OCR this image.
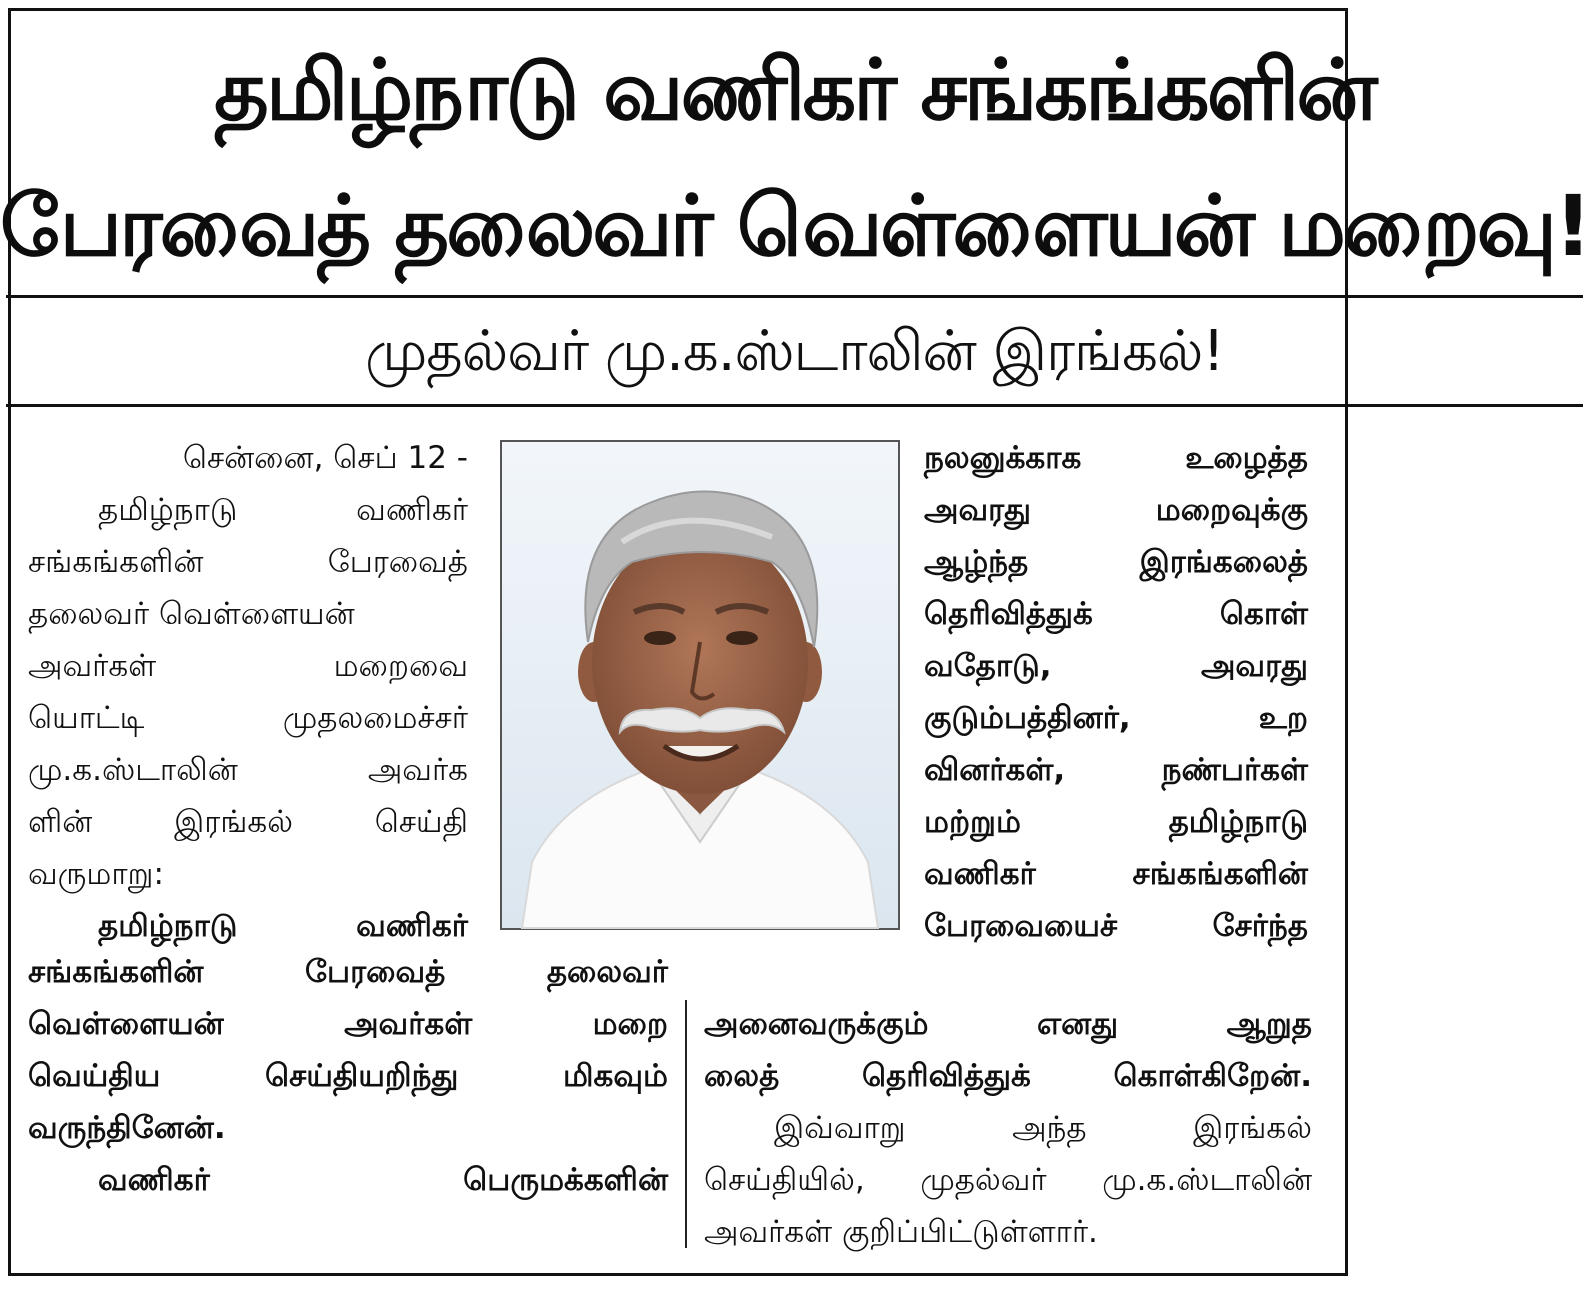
தமிழ்நாடு வணிகர் சங்கங்களின்
பேரவைத் தலைவர் வெள்ளையன் மறைவு!
முதல்வர் மு.க.ஸ்டாலின் இரங்கல்!
சென்னை, செப் 12 -
தமிழ்நாடு வணிகர்
சங்கங்களின் பேரவைத்
தலைவர் வெள்ளையன்
அவர்கள் மறைவை
யொட்டி முதலமைச்சர்
மு.க.ஸ்டாலின் அவர்க
ளின் இரங்கல் செய்தி
வருமாறு:
தமிழ்நாடு வணிகர்
சங்கங்களின் பேரவைத் தலைவர்
வெள்ளையன் அவர்கள் மறை
வெய்திய செய்தியறிந்து மிகவும்
வருந்தினேன்.
வணிகர் பெருமக்களின்
நலனுக்காக உழைத்த
அவரது மறைவுக்கு
ஆழ்ந்த இரங்கலைத்
தெரிவித்துக் கொள்
வதோடு, அவரது
குடும்பத்தினர், உற
வினர்கள், நண்பர்கள்
மற்றும் தமிழ்நாடு
வணிகர் சங்கங்களின்
பேரவையைச் சேர்ந்த
அனைவருக்கும் எனது ஆறுத
லைத் தெரிவித்துக் கொள்கிறேன்.
இவ்வாறு அந்த இரங்கல்
செய்தியில், முதல்வர் மு.க.ஸ்டாலின்
அவர்கள் குறிப்பிட்டுள்ளார்.
